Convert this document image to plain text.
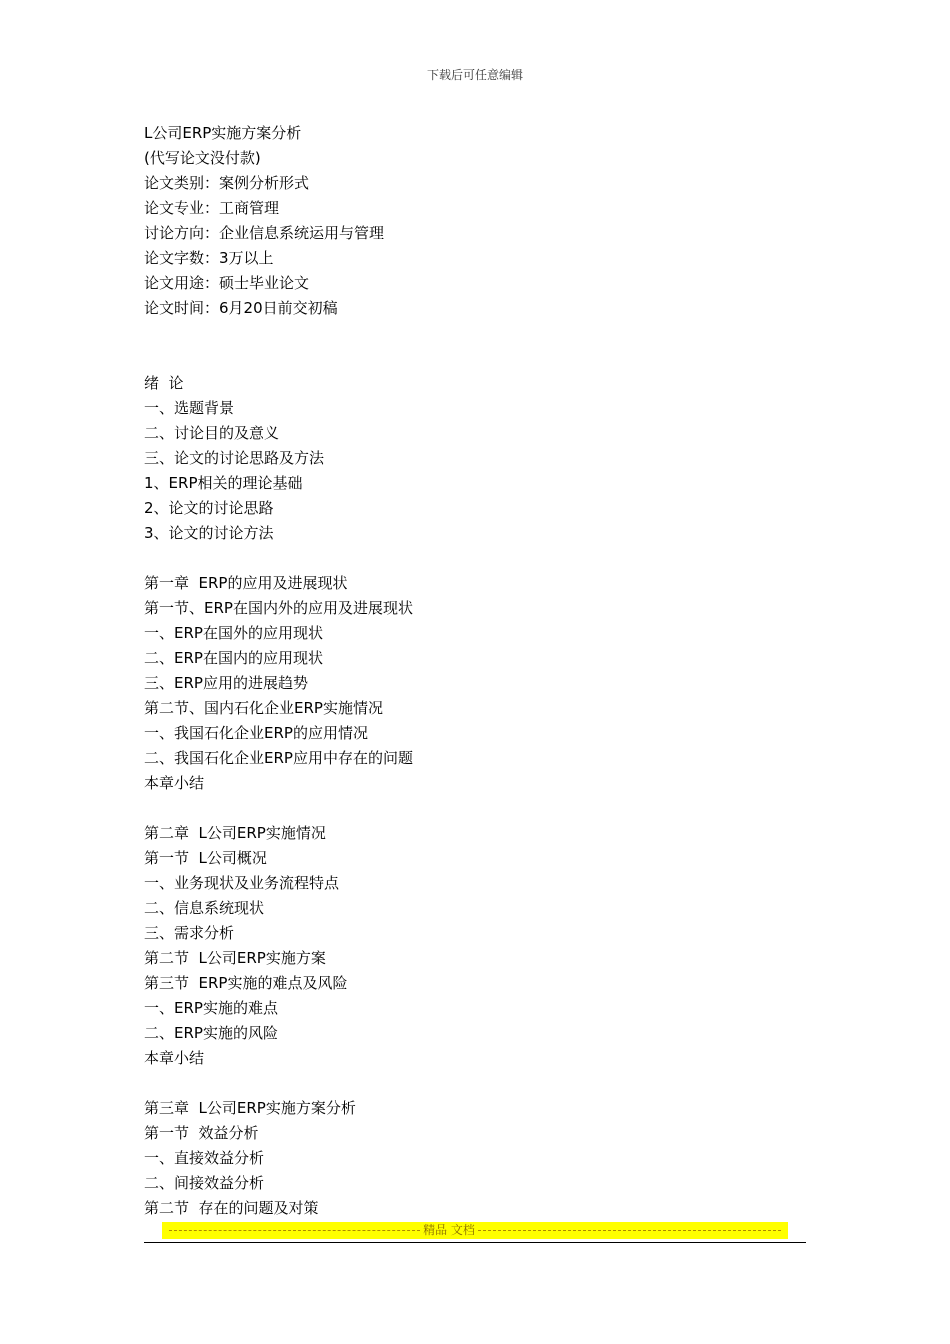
下载后可任意编辑
L公司ERP实施方案分析
(代写论文没付款)
论文类别：案例分析形式
论文专业：工商管理
讨论方向：企业信息系统运用与管理
论文字数：3万以上
论文用途：硕士毕业论文
论文时间：6月20日前交初稿
绪  论
一、选题背景
二、讨论目的及意义
三、论文的讨论思路及方法
1、ERP相关的理论基础
2、论文的讨论思路
3、论文的讨论方法
第一章  ERP的应用及进展现状
第一节、ERP在国内外的应用及进展现状
一、ERP在国外的应用现状
二、ERP在国内的应用现状
三、ERP应用的进展趋势
第二节、国内石化企业ERP实施情况
一、我国石化企业ERP的应用情况
二、我国石化企业ERP应用中存在的问题
本章小结
第二章  L公司ERP实施情况
第一节  L公司概况
一、业务现状及业务流程特点
二、信息系统现状
三、需求分析
第二节  L公司ERP实施方案
第三节  ERP实施的难点及风险
一、ERP实施的难点
二、ERP实施的风险
本章小结
第三章  L公司ERP实施方案分析
第一节  效益分析
一、直接效益分析
二、间接效益分析
第二节  存在的问题及对策
精品 文档
